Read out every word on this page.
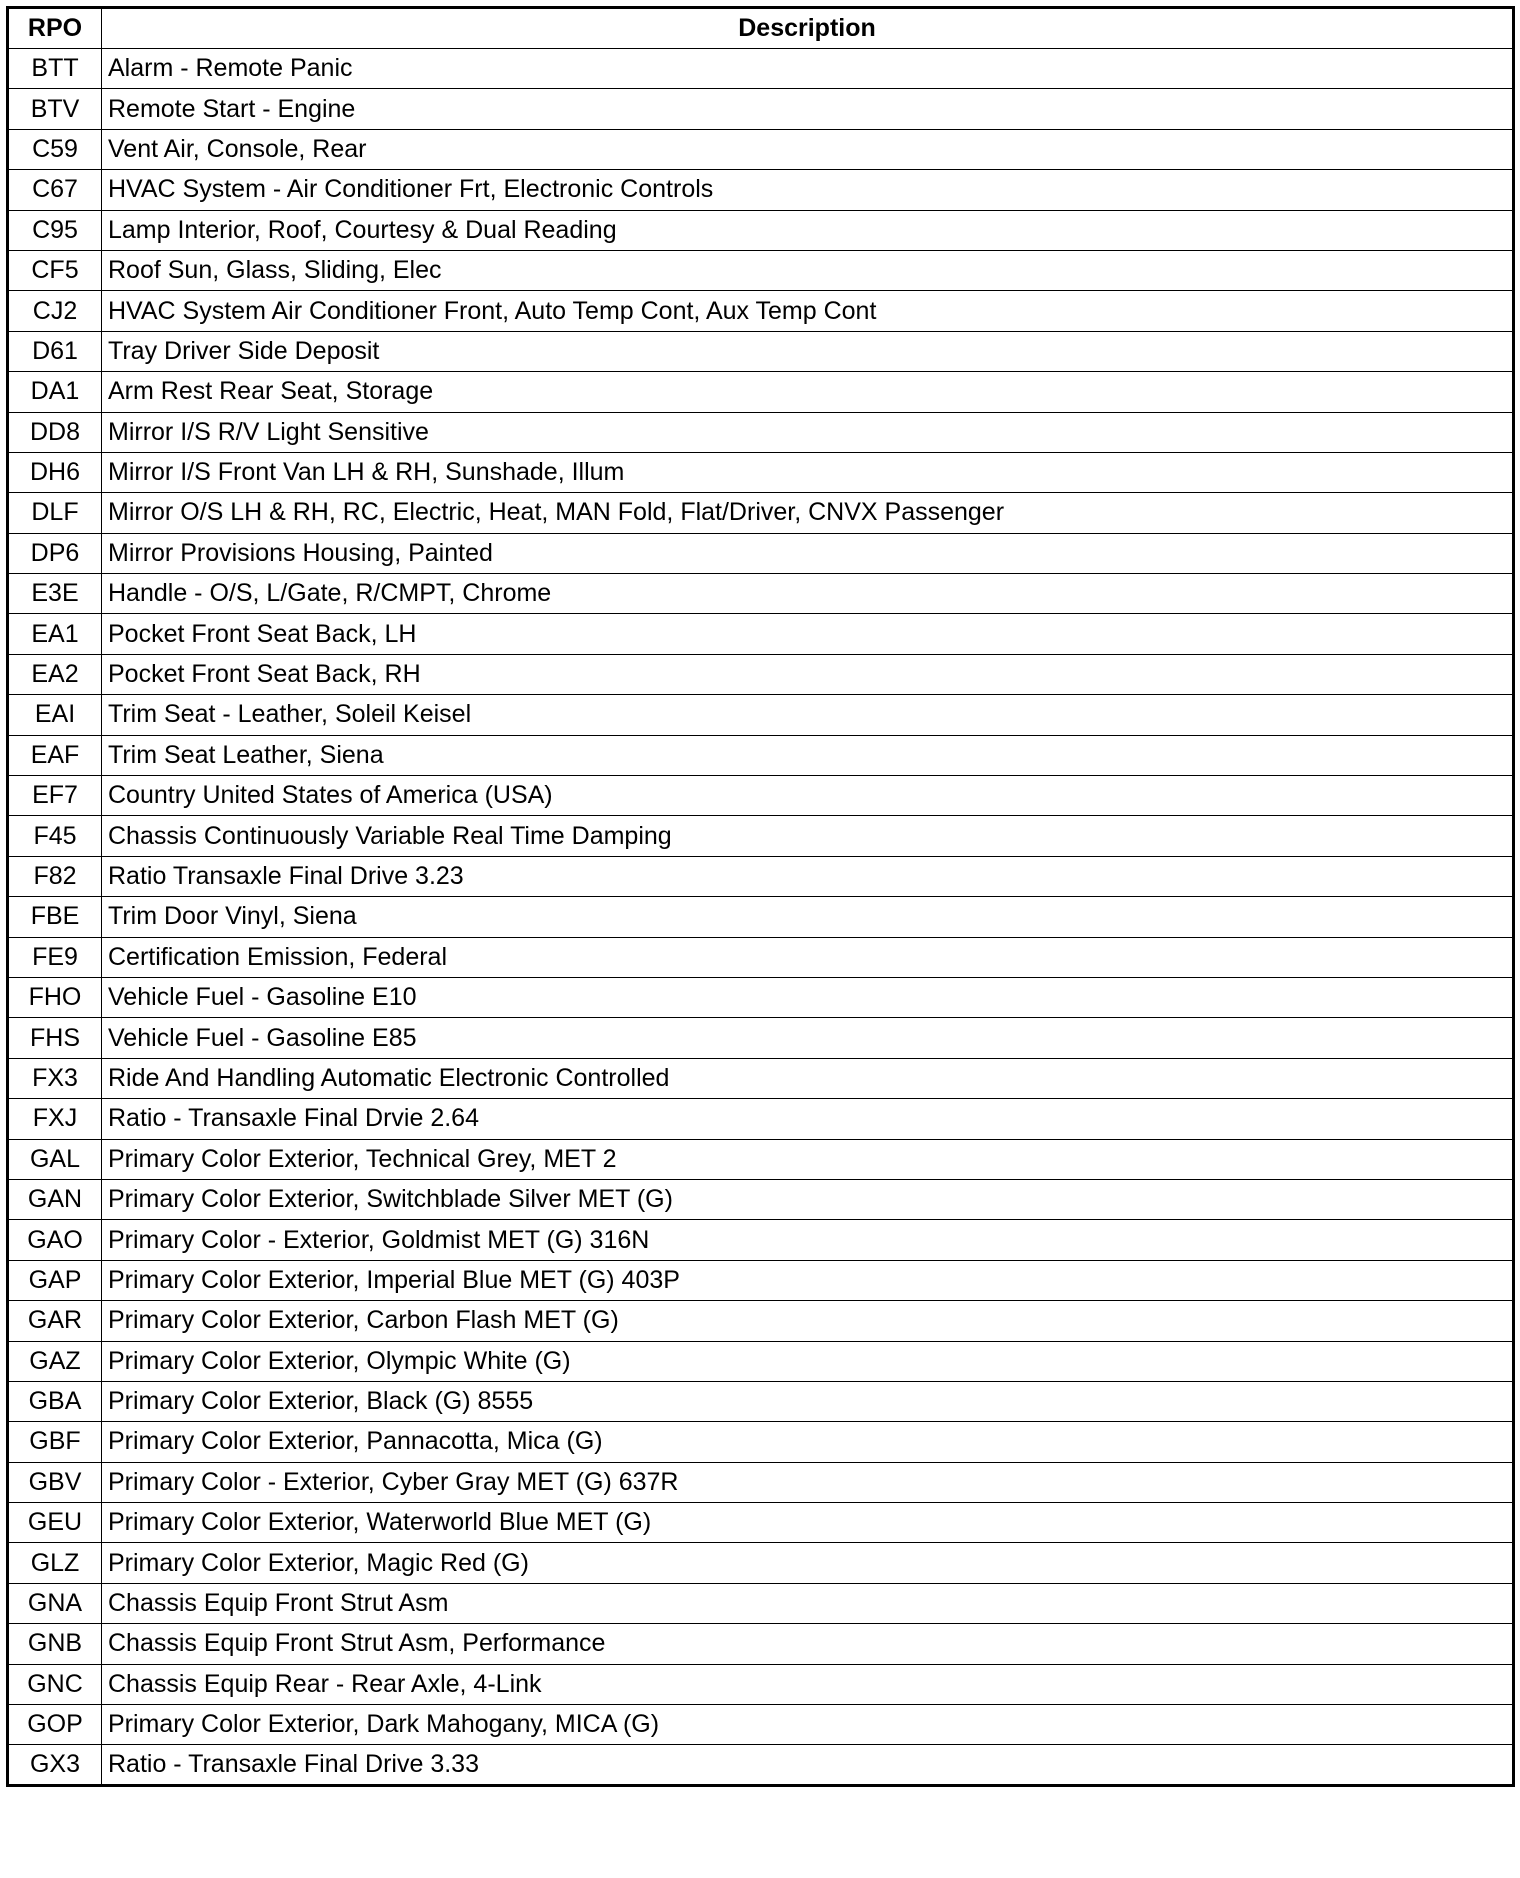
RPO	Description
BTT	Alarm - Remote Panic
BTV	Remote Start - Engine
C59	Vent Air, Console, Rear
C67	HVAC System - Air Conditioner Frt, Electronic Controls
C95	Lamp Interior, Roof, Courtesy & Dual Reading
CF5	Roof Sun, Glass, Sliding, Elec
CJ2	HVAC System Air Conditioner Front, Auto Temp Cont, Aux Temp Cont
D61	Tray Driver Side Deposit
DA1	Arm Rest Rear Seat, Storage
DD8	Mirror I/S R/V Light Sensitive
DH6	Mirror I/S Front Van LH & RH, Sunshade, Illum
DLF	Mirror O/S LH & RH, RC, Electric, Heat, MAN Fold, Flat/Driver, CNVX Passenger
DP6	Mirror Provisions Housing, Painted
E3E	Handle - O/S, L/Gate, R/CMPT, Chrome
EA1	Pocket Front Seat Back, LH
EA2	Pocket Front Seat Back, RH
EAI	Trim Seat - Leather, Soleil Keisel
EAF	Trim Seat Leather, Siena
EF7	Country United States of America (USA)
F45	Chassis Continuously Variable Real Time Damping
F82	Ratio Transaxle Final Drive 3.23
FBE	Trim Door Vinyl, Siena
FE9	Certification Emission, Federal
FHO	Vehicle Fuel - Gasoline E10
FHS	Vehicle Fuel - Gasoline E85
FX3	Ride And Handling Automatic Electronic Controlled
FXJ	Ratio - Transaxle Final Drvie 2.64
GAL	Primary Color Exterior, Technical Grey, MET 2
GAN	Primary Color Exterior, Switchblade Silver MET (G)
GAO	Primary Color - Exterior, Goldmist MET (G) 316N
GAP	Primary Color Exterior, Imperial Blue MET (G) 403P
GAR	Primary Color Exterior, Carbon Flash MET (G)
GAZ	Primary Color Exterior, Olympic White (G)
GBA	Primary Color Exterior, Black (G) 8555
GBF	Primary Color Exterior, Pannacotta, Mica (G)
GBV	Primary Color - Exterior, Cyber Gray MET (G) 637R
GEU	Primary Color Exterior, Waterworld Blue MET (G)
GLZ	Primary Color Exterior, Magic Red (G)
GNA	Chassis Equip Front Strut Asm
GNB	Chassis Equip Front Strut Asm, Performance
GNC	Chassis Equip Rear - Rear Axle, 4-Link
GOP	Primary Color Exterior, Dark Mahogany, MICA (G)
GX3	Ratio - Transaxle Final Drive 3.33
